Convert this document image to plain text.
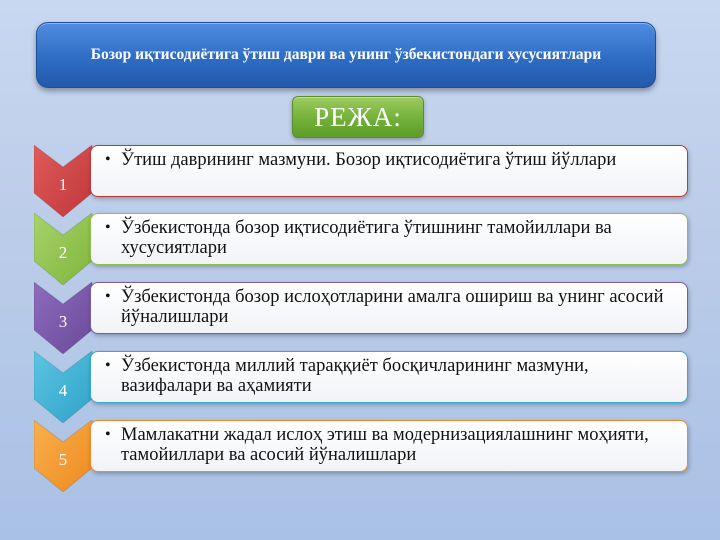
Бозор иқтисодиётига ўтиш даври ва унинг ўзбекистондаги хусусиятлари
РЕЖА:
1
• Ўтиш даврининг мазмуни. Бозор иқтисодиётига ўтиш йўллари
2
• Ўзбекистонда бозор иқтисодиётига ўтишнинг тамойиллари ва хусусиятлари
3
• Ўзбекистонда бозор ислоҳотларини амалга ошириш ва унинг асосий йўналишлари
4
• Ўзбекистонда миллий тараққиёт босқичларининг мазмуни, вазифалари ва аҳамияти
5
• Мамлакатни жадал ислоҳ этиш ва модернизациялашнинг моҳияти, тамойиллари ва асосий йўналишлари
